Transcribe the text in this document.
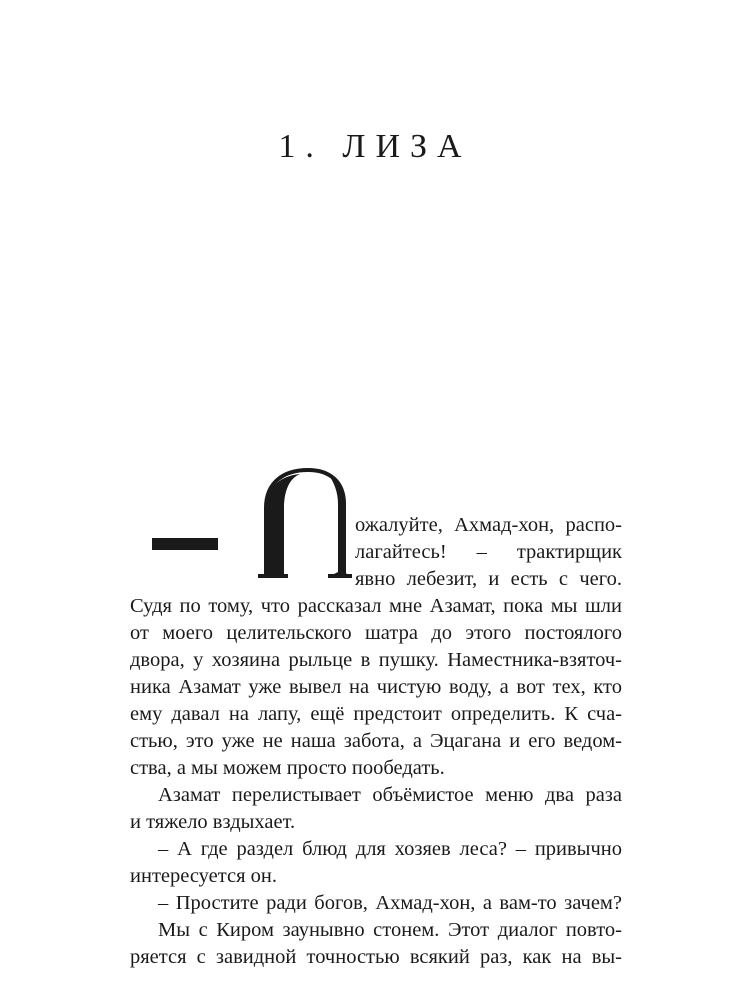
1. ЛИЗА
ожалуйте, Ахмад-хон, распо-
лагайтесь! – трактирщик
явно лебезит, и есть с чего.
Судя по тому, что рассказал мне Азамат, пока мы шли
от моего целительского шатра до этого постоялого
двора, у хозяина рыльце в пушку. Наместника-взяточ-
ника Азамат уже вывел на чистую воду, а вот тех, кто
ему давал на лапу, ещё предстоит определить. К сча-
стью, это уже не наша забота, а Эцагана и его ведом-
ства, а мы можем просто пообедать.
Азамат перелистывает объёмистое меню два раза
и тяжело вздыхает.
– А где раздел блюд для хозяев леса? – привычно
интересуется он.
– Простите ради богов, Ахмад-хон, а вам-то зачем?
Мы с Киром заунывно стонем. Этот диалог повто-
ряется с завидной точностью всякий раз, как на вы-
